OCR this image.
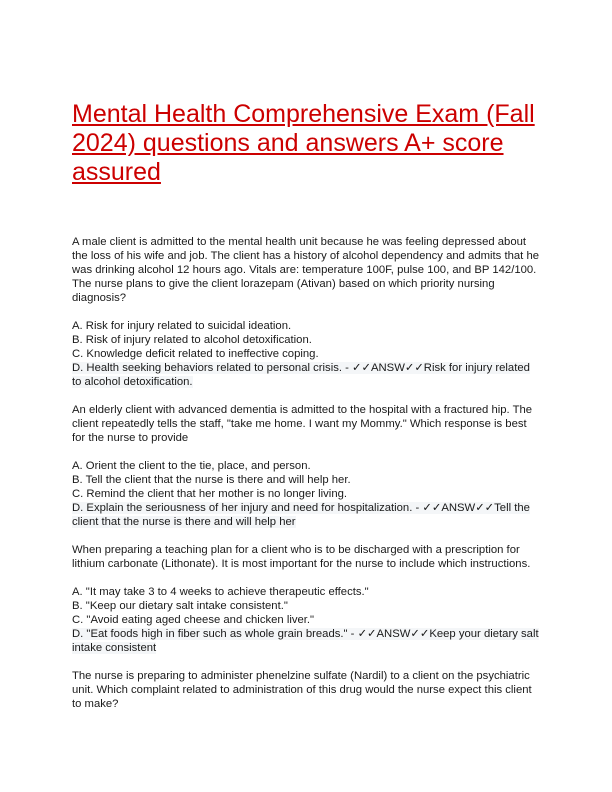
Mental Health Comprehensive Exam (Fall 2024) questions and answers A+ score assured

A male client is admitted to the mental health unit because he was feeling depressed about the loss of his wife and job. The client has a history of alcohol dependency and admits that he was drinking alcohol 12 hours ago. Vitals are: temperature 100F, pulse 100, and BP 142/100. The nurse plans to give the client lorazepam (Ativan) based on which priority nursing diagnosis?

A. Risk for injury related to suicidal ideation.
B. Risk of injury related to alcohol detoxification.
C. Knowledge deficit related to ineffective coping.
D. Health seeking behaviors related to personal crisis. - ✓✓ANSW✓✓Risk for injury related to alcohol detoxification.

An elderly client with advanced dementia is admitted to the hospital with a fractured hip. The client repeatedly tells the staff, "take me home. I want my Mommy." Which response is best for the nurse to provide

A. Orient the client to the tie, place, and person.
B. Tell the client that the nurse is there and will help her.
C. Remind the client that her mother is no longer living.
D. Explain the seriousness of her injury and need for hospitalization. - ✓✓ANSW✓✓Tell the client that the nurse is there and will help her

When preparing a teaching plan for a client who is to be discharged with a prescription for lithium carbonate (Lithonate). It is most important for the nurse to include which instructions.

A. "It may take 3 to 4 weeks to achieve therapeutic effects."
B. "Keep our dietary salt intake consistent."
C. "Avoid eating aged cheese and chicken liver."
D. "Eat foods high in fiber such as whole grain breads." - ✓✓ANSW✓✓Keep your dietary salt intake consistent

The nurse is preparing to administer phenelzine sulfate (Nardil) to a client on the psychiatric unit. Which complaint related to administration of this drug would the nurse expect this client to make?
